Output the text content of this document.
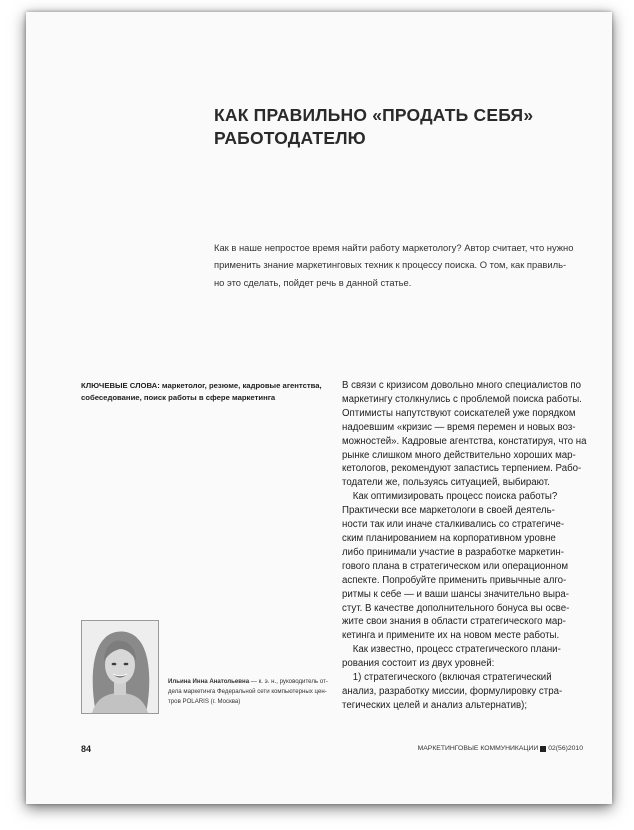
КАК ПРАВИЛЬНО «ПРОДАТЬ СЕБЯ»
РАБОТОДАТЕЛЮ
Как в наше непростое время найти работу маркетологу? Автор считает, что нужно
применить знание маркетинговых техник к процессу поиска. О том, как правиль-
но это сделать, пойдет речь в данной статье.
КЛЮЧЕВЫЕ СЛОВА: маркетолог, резюме, кадровые агентства,
собеседование, поиск работы в сфере маркетинга
В связи с кризисом довольно много специалистов по
маркетингу столкнулись с проблемой поиска работы.
Оптимисты напутствуют соискателей уже порядком
надоевшим «кризис — время перемен и новых воз-
можностей». Кадровые агентства, констатируя, что на
рынке слишком много действительно хороших мар-
кетологов, рекомендуют запастись терпением. Рабо-
тодатели же, пользуясь ситуацией, выбирают.
Как оптимизировать процесс поиска работы?
Практически все маркетологи в своей деятель-
ности так или иначе сталкивались со стратегиче-
ским планированием на корпоративном уровне
либо принимали участие в разработке маркетин-
гового плана в стратегическом или операционном
аспекте. Попробуйте применить привычные алго-
ритмы к себе — и ваши шансы значительно выра-
стут. В качестве дополнительного бонуса вы осве-
жите свои знания в области стратегического мар-
кетинга и примените их на новом месте работы.
Как известно, процесс стратегического плани-
рования состоит из двух уровней:
1) стратегического (включая стратегический
анализ, разработку миссии, формулировку стра-
тегических целей и анализ альтернатив);
Ильина Инна Анатольевна — к. э. н., руководитель от-
дела маркетинга Федеральной сети компьютерных цен-
тров POLARIS (г. Москва)
84	МАРКЕТИНГОВЫЕ КОММУНИКАЦИИ 02(56)2010
